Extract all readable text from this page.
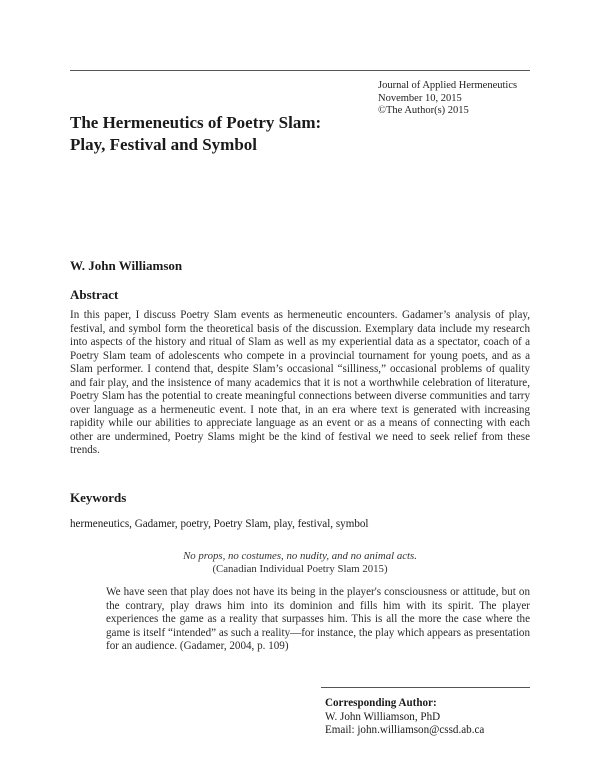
Journal of Applied Hermeneutics
November 10, 2015
©The Author(s) 2015
The Hermeneutics of Poetry Slam:
Play, Festival and Symbol
W. John Williamson
Abstract

In this paper, I discuss Poetry Slam events as hermeneutic encounters. Gadamer’s analysis of play, festival, and symbol form the theoretical basis of the discussion. Exemplary data include my research into aspects of the history and ritual of Slam as well as my experiential data as a spectator, coach of a Poetry Slam team of adolescents who compete in a provincial tournament for young poets, and as a Slam performer. I contend that, despite Slam’s occasional “silliness,” occasional problems of quality and fair play, and the insistence of many academics that it is not a worthwhile celebration of literature, Poetry Slam has the potential to create meaningful connections between diverse communities and tarry over language as a hermeneutic event. I note that, in an era where text is generated with increasing rapidity while our abilities to appreciate language as an event or as a means of connecting with each other are undermined, Poetry Slams might be the kind of festival we need to seek relief from these trends.

Keywords

hermeneutics, Gadamer, poetry, Poetry Slam, play, festival, symbol

No props, no costumes, no nudity, and no animal acts.
(Canadian Individual Poetry Slam 2015)

We have seen that play does not have its being in the player's consciousness or attitude, but on the contrary, play draws him into its dominion and fills him with its spirit. The player experiences the game as a reality that surpasses him. This is all the more the case where the game is itself “intended” as such a reality—for instance, the play which appears as presentation for an audience. (Gadamer, 2004, p. 109)

Corresponding Author:
W. John Williamson, PhD
Email: john.williamson@cssd.ab.ca
